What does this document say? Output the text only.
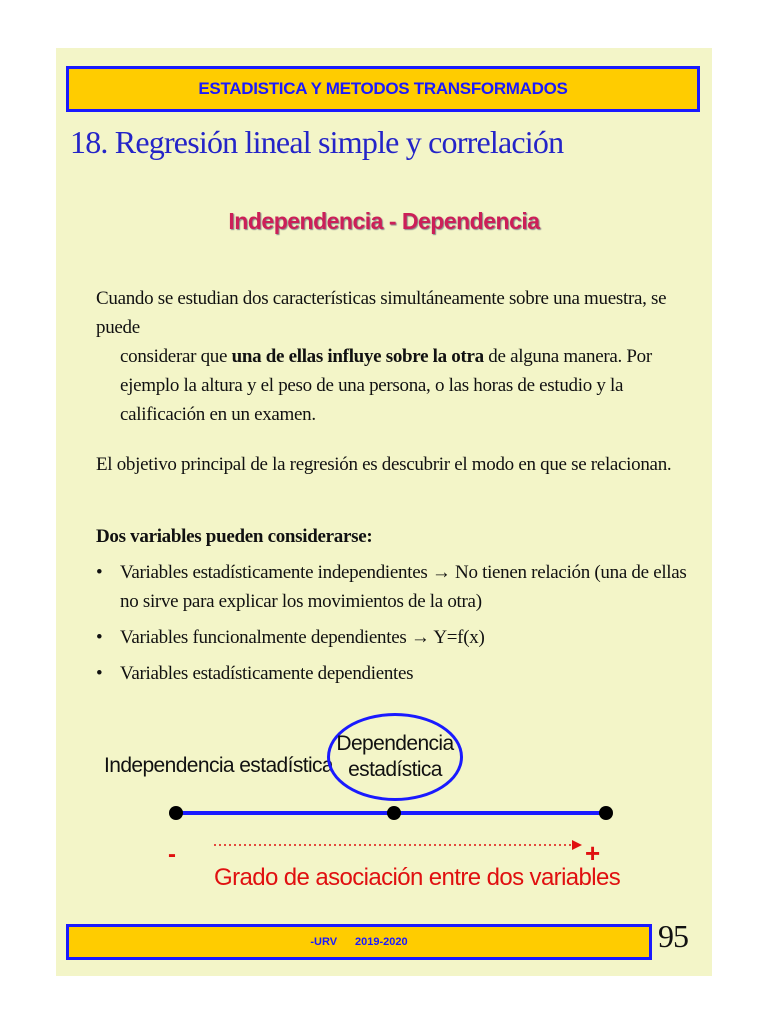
ESTADISTICA Y METODOS TRANSFORMADOS
18. Regresión lineal simple y correlación
Independencia - Dependencia
Cuando se estudian dos características simultáneamente sobre una muestra, se puede
considerar que una de ellas influye sobre la otra de alguna manera. Por ejemplo la altura y el peso de una persona, o las horas de estudio y la calificación en un examen.
El objetivo principal de la regresión es descubrir el modo en que se relacionan.
Dos variables pueden considerarse:
• Variables estadísticamente independientes → No tienen relación (una de ellas no sirve para explicar los movimientos de la otra)
• Variables funcionalmente dependientes → Y=f(x)
• Variables estadísticamente dependientes
Independencia estadística
Dependencia
estadística
-	+
Grado de asociación entre dos variables
-URV 2019-2020	95
